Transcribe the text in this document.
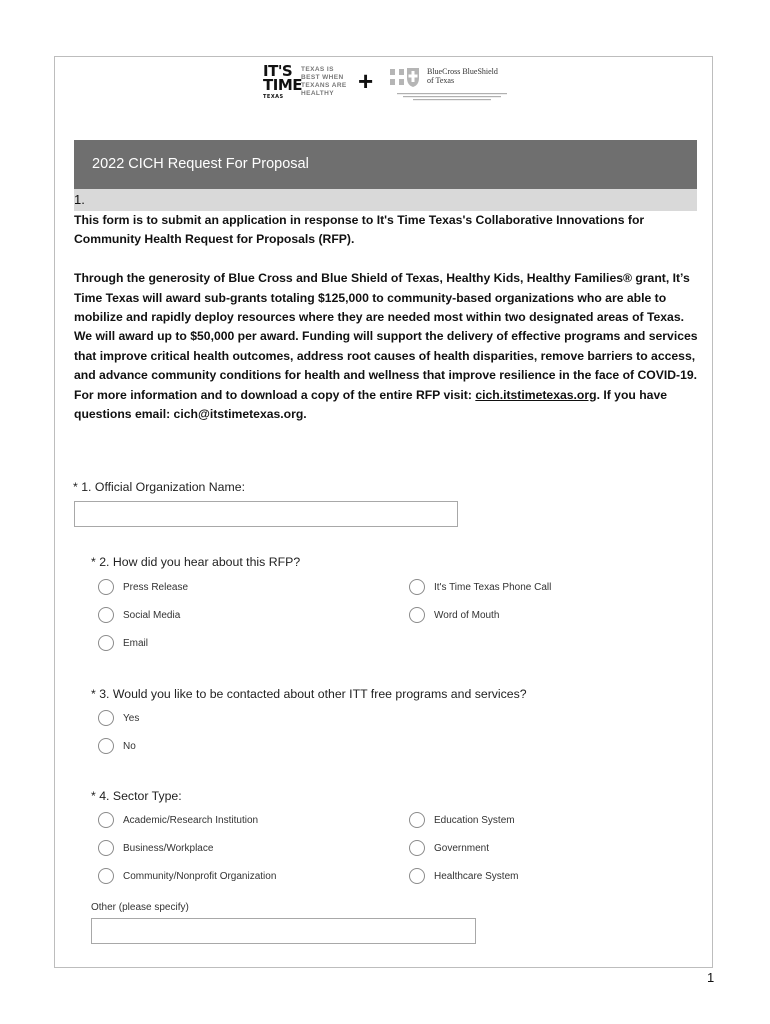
IT'S
TIME
TEXAS
TEXAS IS
BEST WHEN
TEXANS ARE
HEALTHY +	BlueCross BlueShield
of Texas
2022 CICH Request For Proposal
1.

This form is to submit an application in response to It's Time Texas's Collaborative Innovations for Community Health Request for Proposals (RFP).

Through the generosity of Blue Cross and Blue Shield of Texas, Healthy Kids, Healthy Families® grant, It’s Time Texas will award sub-grants totaling $125,000 to community-based organizations who are able to mobilize and rapidly deploy resources where they are needed most within two designated areas of Texas. We will award up to $50,000 per award. Funding will support the delivery of effective programs and services that improve critical health outcomes, address root causes of health disparities, remove barriers to access, and advance community conditions for health and wellness that improve resilience in the face of COVID-19. For more information and to download a copy of the entire RFP visit: cich.itstimetexas.org. If you have questions email: cich@itstimetexas.org.

* 1. Official Organization Name:
* 2. How did you hear about this RFP?
Press Release
Social Media
Email
It's Time Texas Phone Call
Word of Mouth
* 3. Would you like to be contacted about other ITT free programs and services?
Yes
No
* 4. Sector Type:
Academic/Research Institution
Business/Workplace
Community/Nonprofit Organization
Education System
Government
Healthcare System
Other (please specify)
1
